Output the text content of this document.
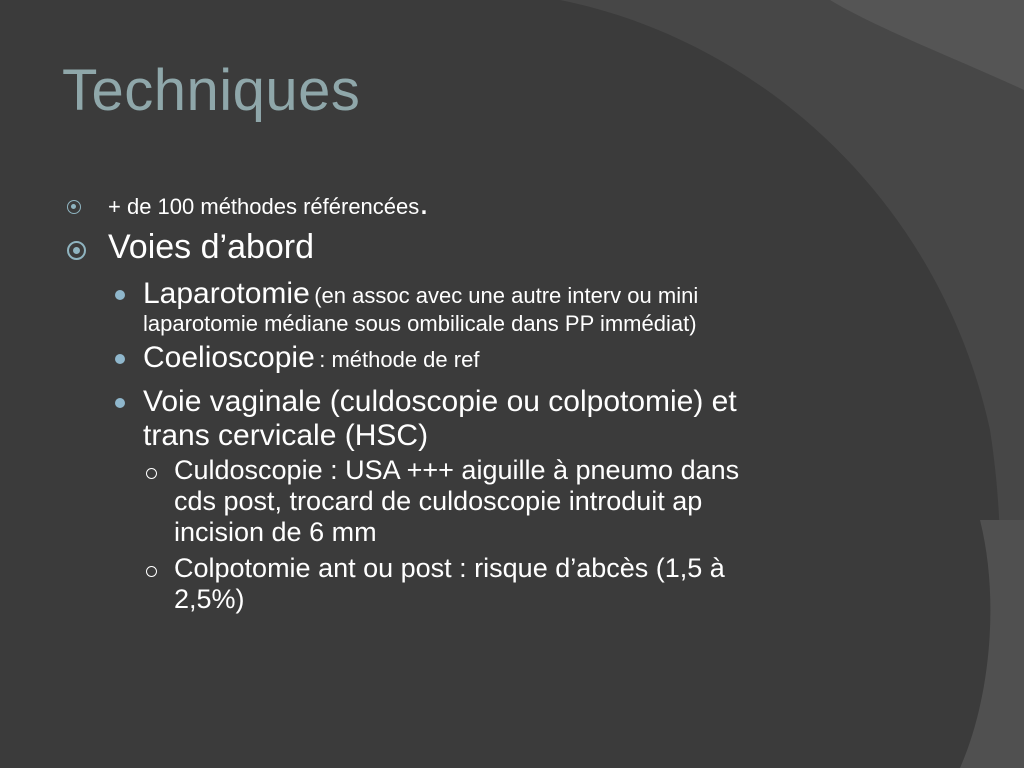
Techniques

+ de 100 méthodes référencées.

Voies d’abord

Laparotomie (en assoc avec une autre interv ou mini

laparotomie médiane sous ombilicale dans PP immédiat)

Coelioscopie : méthode de ref

Voie vaginale (culdoscopie ou colpotomie) et

trans cervicale (HSC)

Culdoscopie : USA +++ aiguille à pneumo dans

cds post, trocard de culdoscopie introduit ap

incision de 6 mm

Colpotomie ant ou post : risque d’abcès (1,5 à

2,5%)
